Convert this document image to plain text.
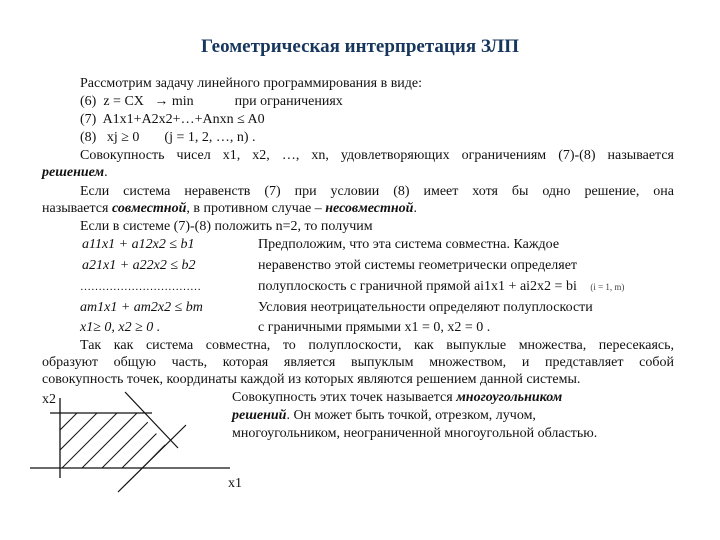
Геометрическая интерпретация ЗЛП
Рассмотрим задачу линейного программирования в виде:
(6) z = CX → min	при ограничениях
(7) A1x1+A2x2+…+Anxn ≤ A0
(8) xj ≥ 0 (j = 1, 2, …, n) .
Совокупность чисел x1, x2, …, xn, удовлетворяющих ограничениям (7)-(8) называется
решением.
Если система неравенств (7) при условии (8) имеет хотя бы одно решение, она
называется совместной, в противном случае – несовместной.
Если в системе (7)-(8) положить n=2, то получим
a11x1 + a12x2 ≤ b1
a21x1 + a22x2 ≤ b2
……………………………
am1x1 + am2x2 ≤ bm
x1≥ 0, x2 ≥ 0 .
Предположим, что эта система совместна. Каждое
неравенство этой системы геометрически определяет
полуплоскость с граничной прямой ai1x1 + ai2x2 = bi (i = 1, m)
Условия неотрицательности определяют полуплоскости
с граничными прямыми x1 = 0, x2 = 0 .
Так как система совместна, то полуплоскости, как выпуклые множества, пересекаясь,
образуют общую часть, которая является выпуклым множеством, и представляет собой
совокупность точек, координаты каждой из которых являются решением данной системы.
Совокупность этих точек называется многоугольником
решений. Он может быть точкой, отрезком, лучом,
многоугольником, неограниченной многоугольной областью.
x2
x1
